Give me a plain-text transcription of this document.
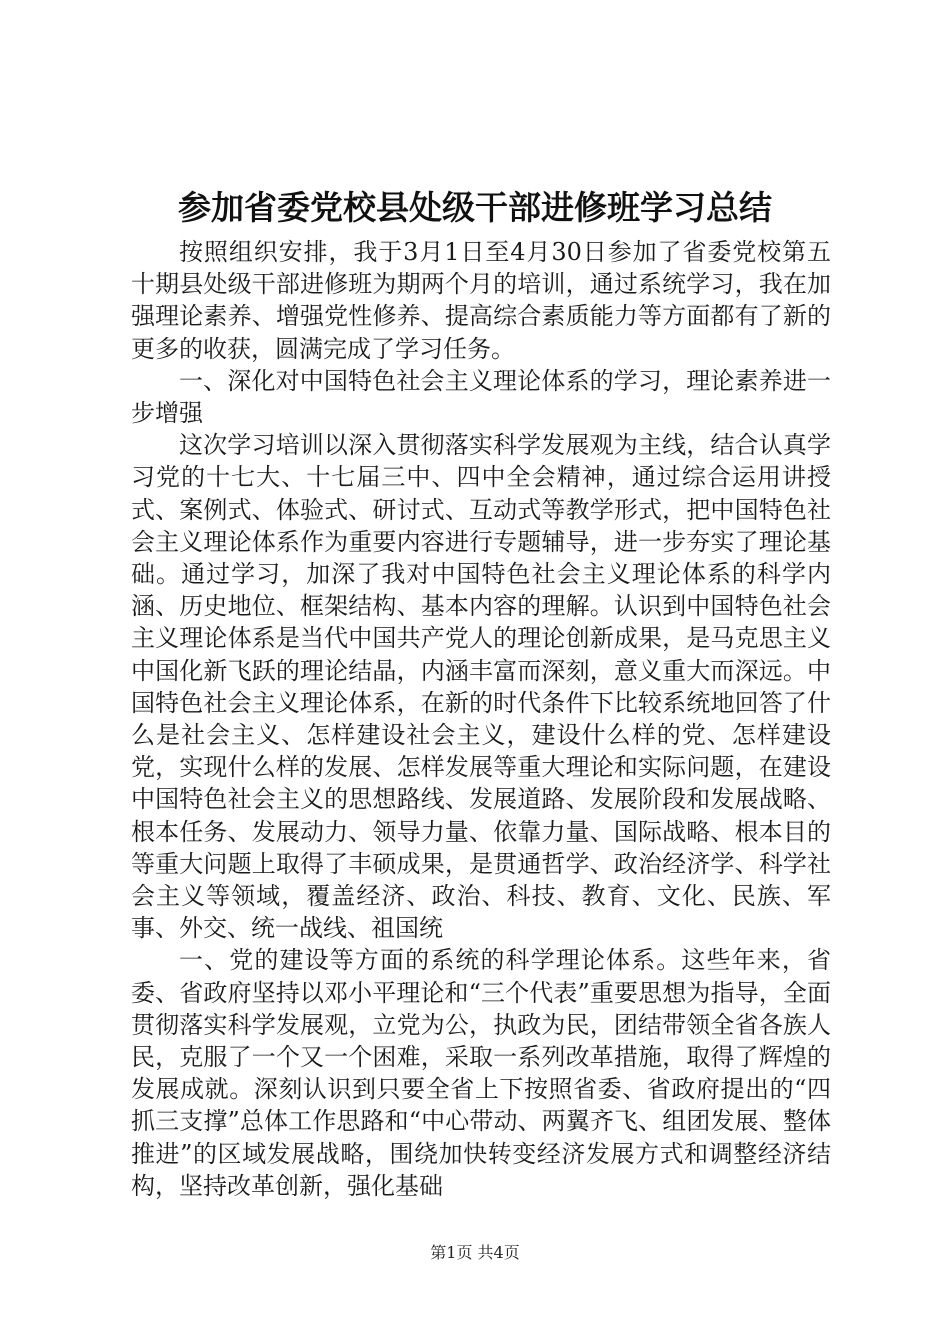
参加省委党校县处级干部进修班学习总结

按照组织安排，我于3月1日至4月30日参加了省委党校第五十期县处级干部进修班为期两个月的培训，通过系统学习，我在加强理论素养、增强党性修养、提高综合素质能力等方面都有了新的更多的收获，圆满完成了学习任务。

一、深化对中国特色社会主义理论体系的学习，理论素养进一步增强

这次学习培训以深入贯彻落实科学发展观为主线，结合认真学习党的十七大、十七届三中、四中全会精神，通过综合运用讲授式、案例式、体验式、研讨式、互动式等教学形式，把中国特色社会主义理论体系作为重要内容进行专题辅导，进一步夯实了理论基础。通过学习，加深了我对中国特色社会主义理论体系的科学内涵、历史地位、框架结构、基本内容的理解。认识到中国特色社会主义理论体系是当代中国共产党人的理论创新成果，是马克思主义中国化新飞跃的理论结晶，内涵丰富而深刻，意义重大而深远。中国特色社会主义理论体系，在新的时代条件下比较系统地回答了什么是社会主义、怎样建设社会主义，建设什么样的党、怎样建设党，实现什么样的发展、怎样发展等重大理论和实际问题，在建设中国特色社会主义的思想路线、发展道路、发展阶段和发展战略、根本任务、发展动力、领导力量、依靠力量、国际战略、根本目的等重大问题上取得了丰硕成果，是贯通哲学、政治经济学、科学社会主义等领域，覆盖经济、政治、科技、教育、文化、民族、军事、外交、统一战线、祖国统

一、党的建设等方面的系统的科学理论体系。这些年来，省委、省政府坚持以邓小平理论和“三个代表”重要思想为指导，全面贯彻落实科学发展观，立党为公，执政为民，团结带领全省各族人民，克服了一个又一个困难，采取一系列改革措施，取得了辉煌的发展成就。深刻认识到只要全省上下按照省委、省政府提出的“四抓三支撑”总体工作思路和“中心带动、两翼齐飞、组团发展、整体推进”的区域发展战略，围绕加快转变经济发展方式和调整经济结构，坚持改革创新，强化基础

第1页 共4页
